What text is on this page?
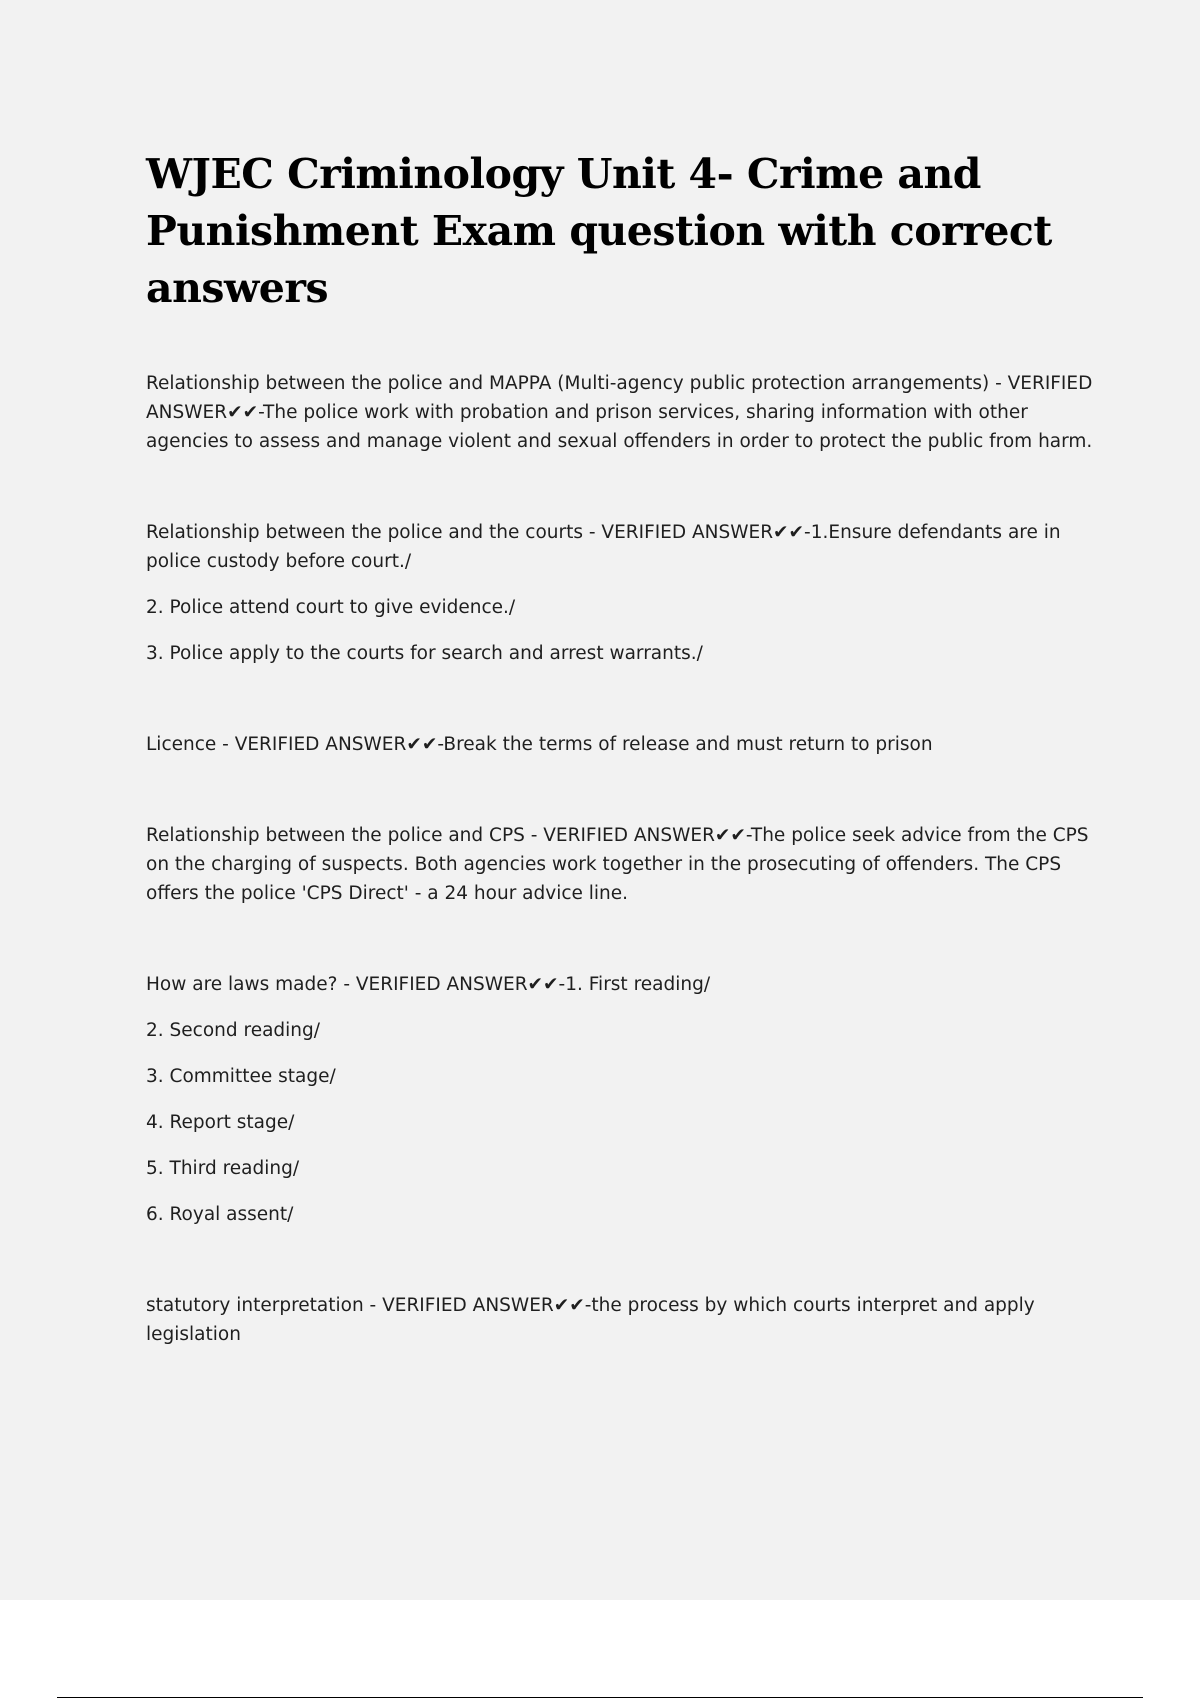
WJEC Criminology Unit 4- Crime and Punishment Exam question with correct answers

Relationship between the police and MAPPA (Multi-agency public protection arrangements) - VERIFIED ANSWER✔✔-The police work with probation and prison services, sharing information with other agencies to assess and manage violent and sexual offenders in order to protect the public from harm.

Relationship between the police and the courts - VERIFIED ANSWER✔✔-1.Ensure defendants are in police custody before court./

2. Police attend court to give evidence./

3. Police apply to the courts for search and arrest warrants./

Licence - VERIFIED ANSWER✔✔-Break the terms of release and must return to prison

Relationship between the police and CPS - VERIFIED ANSWER✔✔-The police seek advice from the CPS on the charging of suspects. Both agencies work together in the prosecuting of offenders. The CPS offers the police 'CPS Direct' - a 24 hour advice line.

How are laws made? - VERIFIED ANSWER✔✔-1. First reading/

2. Second reading/

3. Committee stage/

4. Report stage/

5. Third reading/

6. Royal assent/

statutory interpretation - VERIFIED ANSWER✔✔-the process by which courts interpret and apply legislation
